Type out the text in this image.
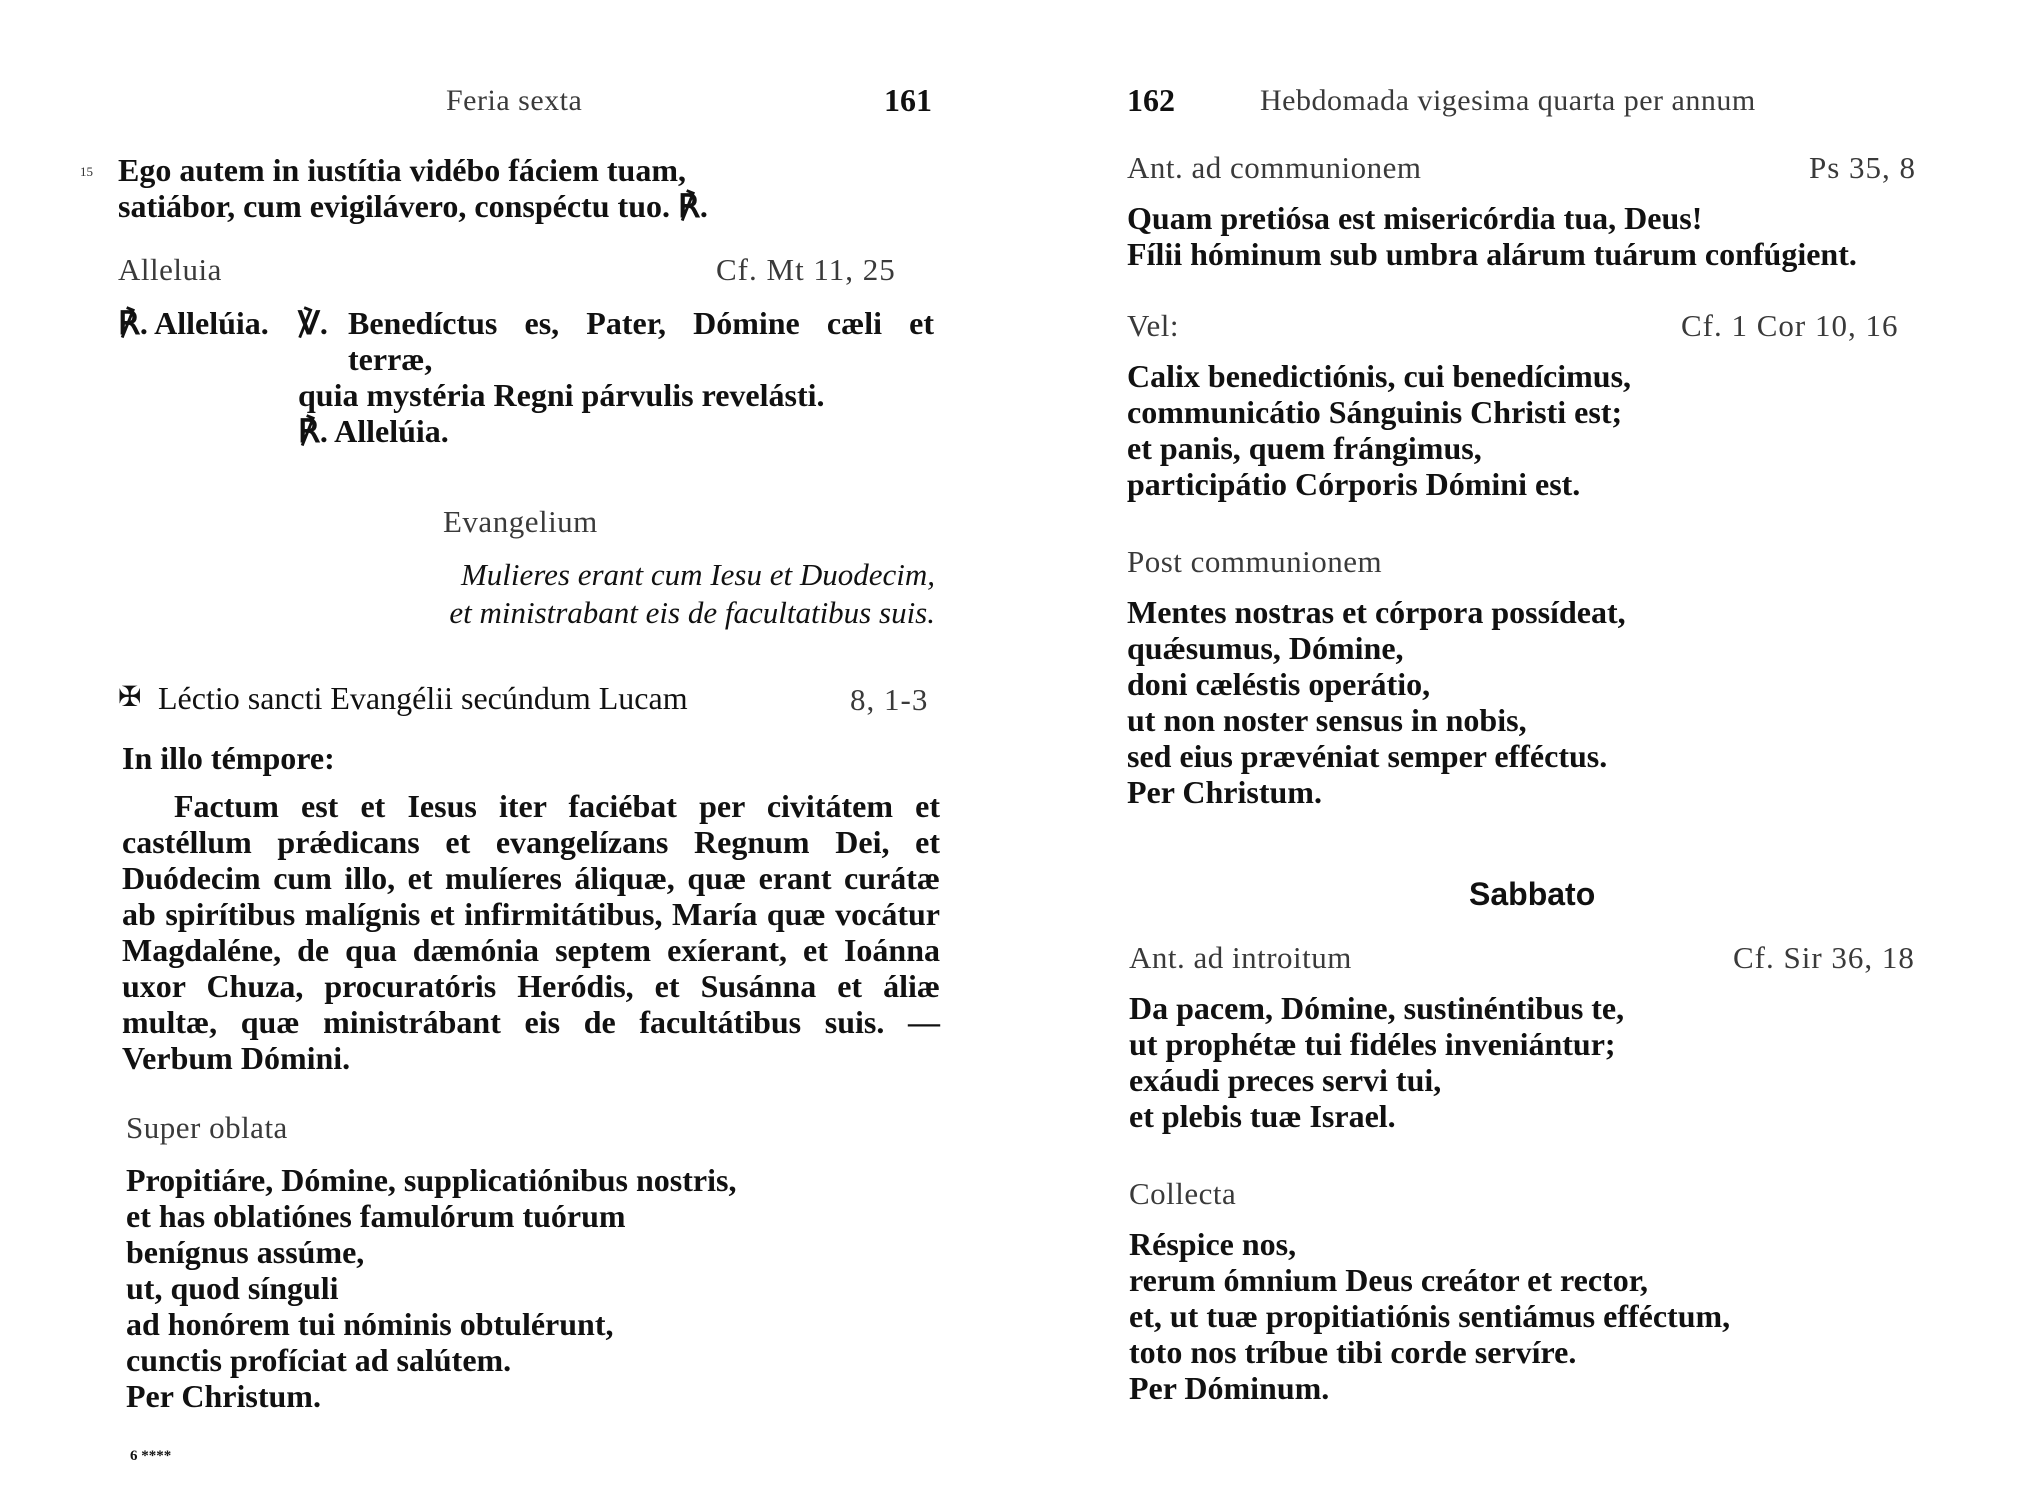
Feria sexta	161
15 Ego autem in iustítia vidébo fáciem tuam,
satiábor, cum evigilávero, conspéctu tuo. ℟.
Alleluia	Cf. Mt 11, 25
℟. Allelúia. ℣. Benedíctus es, Pater, Dómine cæli et
terræ,
quia mystéria Regni párvulis revelásti.
℟. Allelúia.
Evangelium
Mulieres erant cum Iesu et Duodecim,
et ministrabant eis de facultatibus suis.
✠ Léctio sancti Evangélii secúndum Lucam	8, 1-3
In illo témpore:
Factum est et Iesus iter faciébat per civitátem et castéllum prǽdicans et evangelízans Regnum Dei, et Duódecim cum illo, et mulíeres áliquæ, quæ erant curátæ ab spirítibus malígnis et infirmitátibus, María quæ vocátur Magdaléne, de qua dæmónia septem exíerant, et Ioánna uxor Chuza, procuratóris Heródis, et Susánna et áliæ multæ, quæ ministrábant eis de facultátibus suis. — Verbum Dómini.
Super oblata
Propitiáre, Dómine, supplicatiónibus nostris,
et has oblatiónes famulórum tuórum
benígnus assúme,
ut, quod sínguli
ad honórem tui nóminis obtulérunt,
cunctis profíciat ad salútem.
Per Christum.
6 ****
162	Hebdomada vigesima quarta per annum
Ant. ad communionem	Ps 35, 8
Quam pretiósa est misericórdia tua, Deus!
Fílii hóminum sub umbra alárum tuárum confúgient.
Vel:	Cf. 1 Cor 10, 16
Calix benedictiónis, cui benedícimus,
communicátio Sánguinis Christi est;
et panis, quem frángimus,
participátio Córporis Dómini est.
Post communionem
Mentes nostras et córpora possídeat,
quǽsumus, Dómine,
doni cæléstis operátio,
ut non noster sensus in nobis,
sed eius prævéniat semper efféctus.
Per Christum.
Sabbato
Ant. ad introitum	Cf. Sir 36, 18
Da pacem, Dómine, sustinéntibus te,
ut prophétæ tui fidéles inveniántur;
exáudi preces servi tui,
et plebis tuæ Israel.
Collecta
Réspice nos,
rerum ómnium Deus creátor et rector,
et, ut tuæ propitiatiónis sentiámus efféctum,
toto nos tríbue tibi corde servíre.
Per Dóminum.
